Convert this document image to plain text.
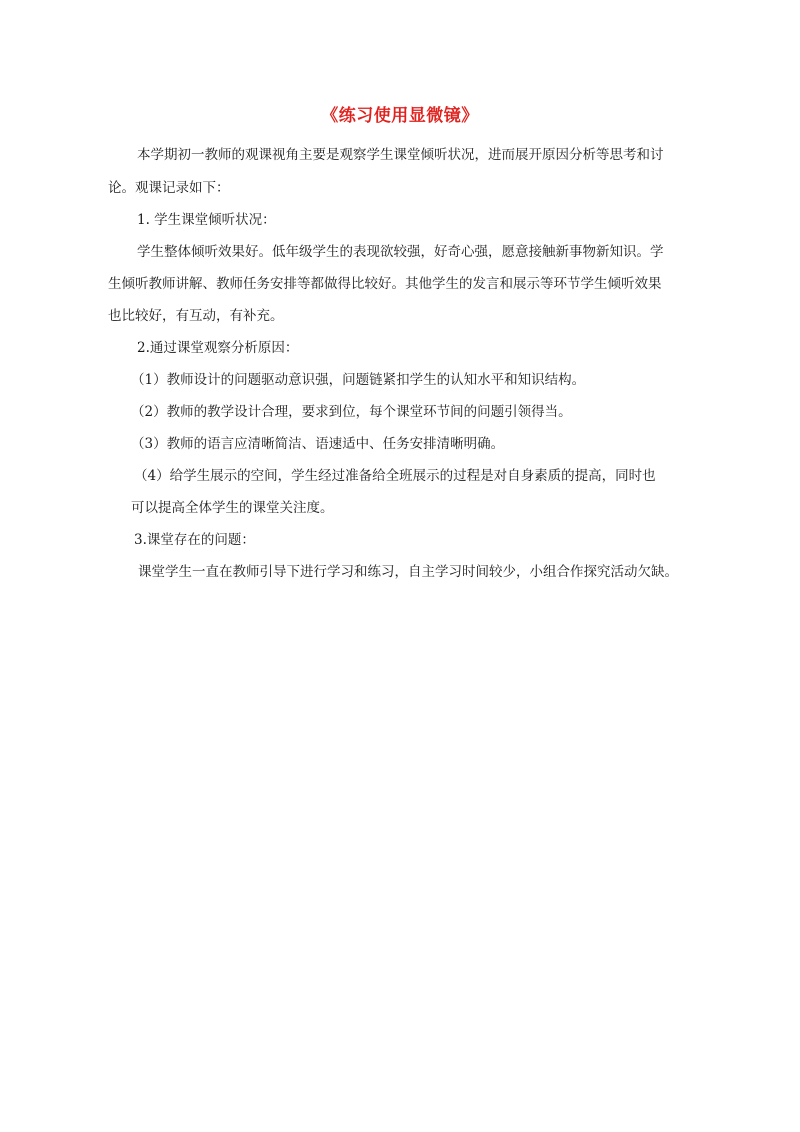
《练习使用显微镜》
本学期初一教师的观课视角主要是观察学生课堂倾听状况，进而展开原因分析等思考和讨
论。观课记录如下：
1. 学生课堂倾听状况：
学生整体倾听效果好。低年级学生的表现欲较强，好奇心强，愿意接触新事物新知识。学
生倾听教师讲解、教师任务安排等都做得比较好。其他学生的发言和展示等环节学生倾听效果
也比较好，有互动，有补充。
2.通过课堂观察分析原因：
（1）教师设计的问题驱动意识强，问题链紧扣学生的认知水平和知识结构。
（2）教师的教学设计合理，要求到位，每个课堂环节间的问题引领得当。
（3）教师的语言应清晰简洁、语速适中、任务安排清晰明确。
（4）给学生展示的空间，学生经过准备给全班展示的过程是对自身素质的提高，同时也
可以提高全体学生的课堂关注度。
3.课堂存在的问题：
课堂学生一直在教师引导下进行学习和练习，自主学习时间较少，小组合作探究活动欠缺。
